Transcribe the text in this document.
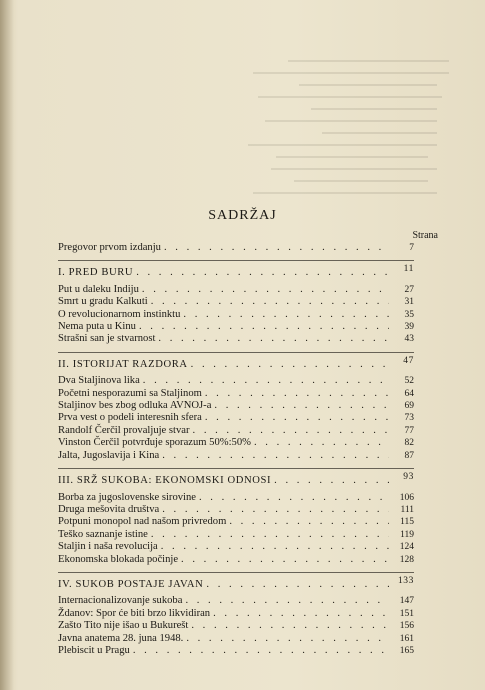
SADRŽAJ
Strana
Pregovor prvom izdanju . . .	7
I. PRED BURU . . .	11
Put u daleku Indiju . . .	27
Smrt u gradu Kalkuti . . .	31
O revolucionarnom instinktu . . .	35
Nema puta u Kinu . . .	39
Strašni san je stvarnost . . .	43
II. ISTORIJAT RAZDORA . . .	47
Dva Staljinova lika . . .	52
Početni nesporazumi sa Staljinom . . .	64
Staljinov bes zbog odluka AVNOJ-a . . .	69
Prva vest o podeli interesnih sfera . . .	73
Randolf Čerčil provaljuje stvar . . .	77
Vinston Čerčil potvrđuje sporazum 50%:50% . . .	82
Jalta, Jugoslavija i Kina . . .	87
III. SRŽ SUKOBA: EKONOMSKI ODNOSI . . .	93
Borba za jugoslovenske sirovine . . .	106
Druga mešovita društva . . .	111
Potpuni monopol nad našom privredom . . .	115
Teško saznanje istine . . .	119
Staljin i naša revolucija . . .	124
Ekonomska blokada počinje . . .	128
IV. SUKOB POSTAJE JAVAN . . .	133
Internacionalizovanje sukoba . . .	147
Ždanov: Spor će biti brzo likvidiran . . .	151
Zašto Tito nije išao u Bukurešt . . .	156
Javna anatema 28. juna 1948. . . .	161
Plebiscit u Pragu . . .	165
